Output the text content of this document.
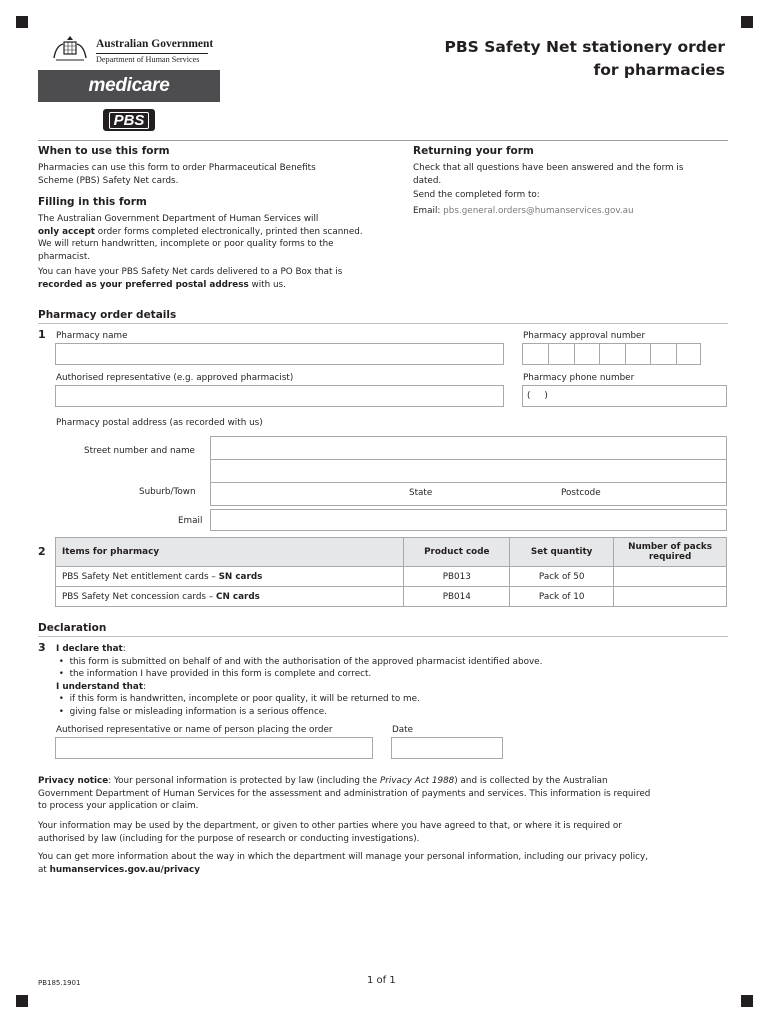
Australian Government
Department of Human Services
medicare
PBS
PBS Safety Net stationery order
for pharmacies
When to use this form
Pharmacies can use this form to order Pharmaceutical Benefits Scheme (PBS) Safety Net cards.
Filling in this form
The Australian Government Department of Human Services will
only accept order forms completed electronically, printed then scanned.
We will return handwritten, incomplete or poor quality forms to the
pharmacist.
You can have your PBS Safety Net cards delivered to a PO Box that is
recorded as your preferred postal address with us.
Returning your form
Check that all questions have been answered and the form is dated.
Send the completed form to:
Email: pbs.general.orders@humanservices.gov.au
Pharmacy order details
1 Pharmacy name	Pharmacy approval number
Authorised representative (e.g. approved pharmacist)	Pharmacy phone number
(     )
Pharmacy postal address (as recorded with us)
Street number and name
Suburb/Town	State	Postcode
Email
2 Items for pharmacy	Product code	Set quantity	Number of packs required
PBS Safety Net entitlement cards – SN cards	PB013	Pack of 50	
PBS Safety Net concession cards – CN cards	PB014	Pack of 10	
Declaration
3 I declare that:
•  this form is submitted on behalf of and with the authorisation of the approved pharmacist identified above.
•  the information I have provided in this form is complete and correct.
I understand that:
•  if this form is handwritten, incomplete or poor quality, it will be returned to me.
•  giving false or misleading information is a serious offence.
Authorised representative or name of person placing the order	Date
Privacy notice: Your personal information is protected by law (including the Privacy Act 1988) and is collected by the Australian
Government Department of Human Services for the assessment and administration of payments and services. This information is required
to process your application or claim.
Your information may be used by the department, or given to other parties where you have agreed to that, or where it is required or
authorised by law (including for the purpose of research or conducting investigations).
You can get more information about the way in which the department will manage your personal information, including our privacy policy,
at humanservices.gov.au/privacy
PB185.1901	1 of 1
